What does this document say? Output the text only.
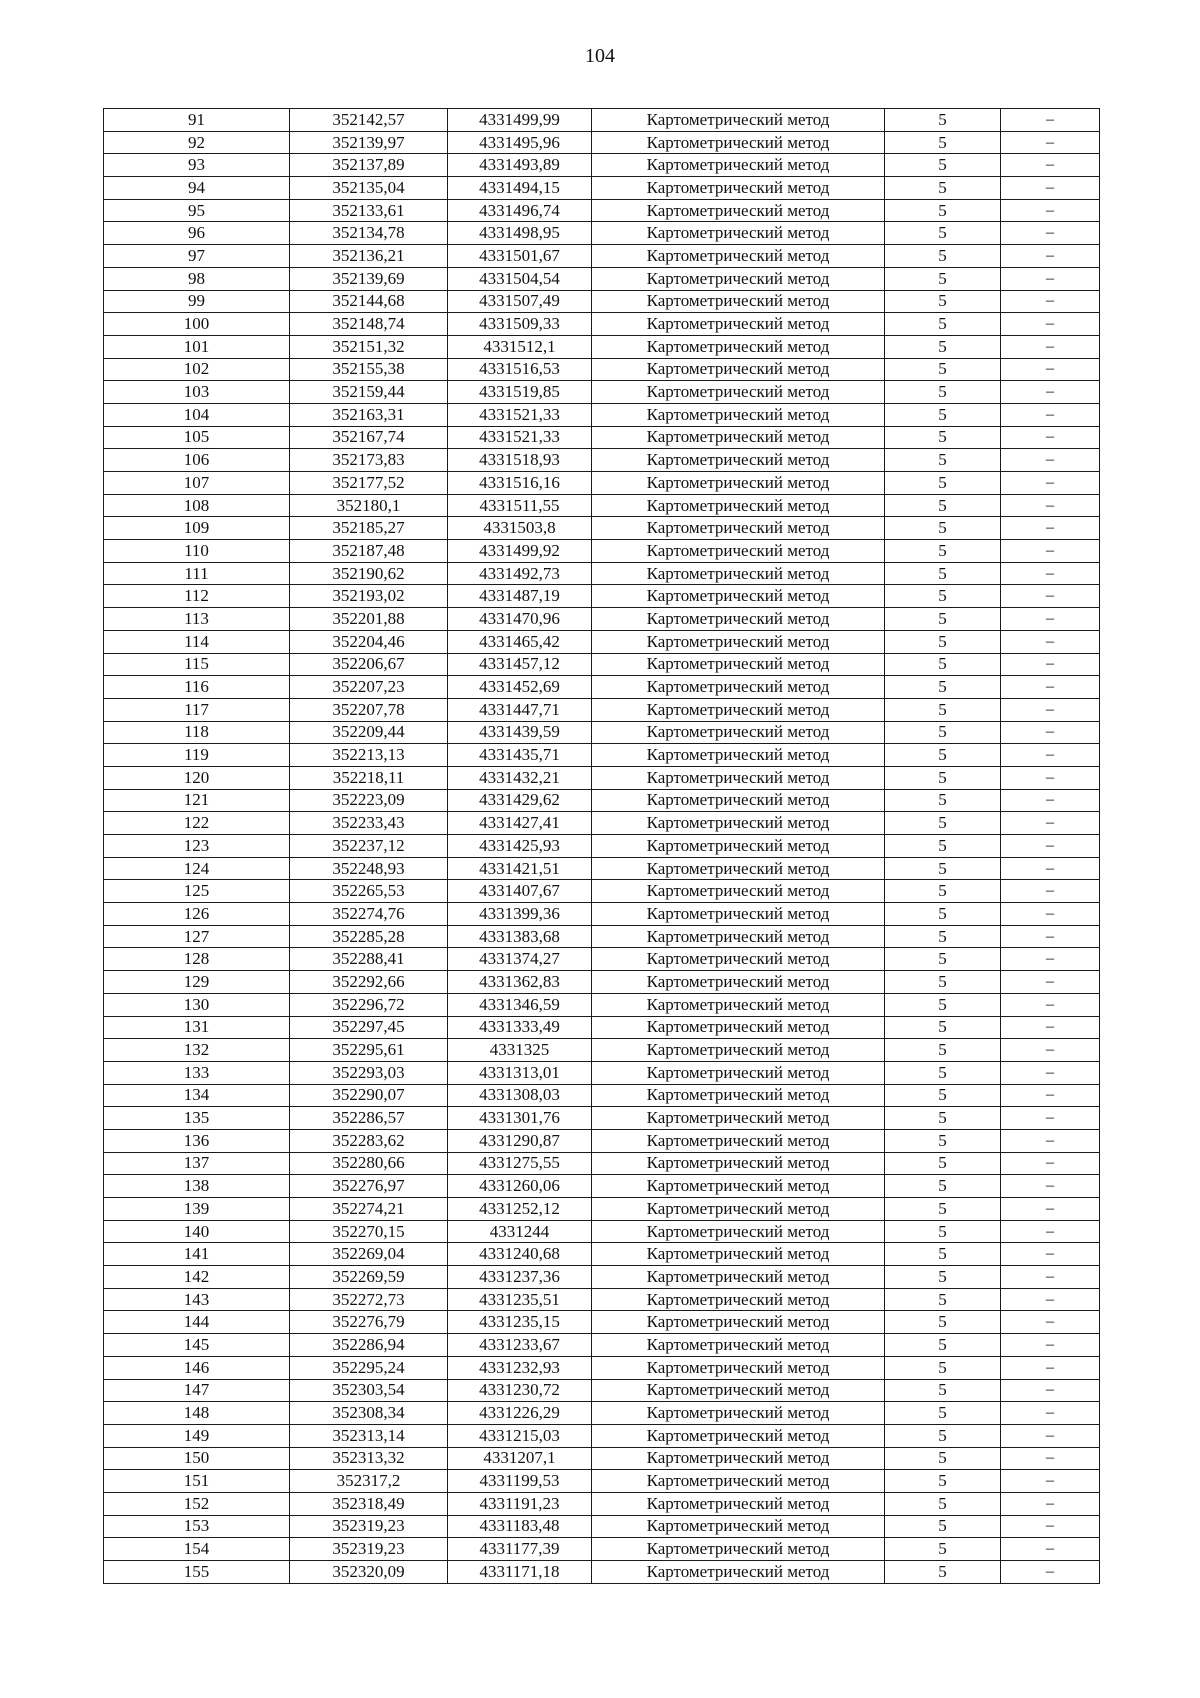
104
91	352142,57	4331499,99	Картометрический метод	5	–
92	352139,97	4331495,96	Картометрический метод	5	–
93	352137,89	4331493,89	Картометрический метод	5	–
94	352135,04	4331494,15	Картометрический метод	5	–
95	352133,61	4331496,74	Картометрический метод	5	–
96	352134,78	4331498,95	Картометрический метод	5	–
97	352136,21	4331501,67	Картометрический метод	5	–
98	352139,69	4331504,54	Картометрический метод	5	–
99	352144,68	4331507,49	Картометрический метод	5	–
100	352148,74	4331509,33	Картометрический метод	5	–
101	352151,32	4331512,1	Картометрический метод	5	–
102	352155,38	4331516,53	Картометрический метод	5	–
103	352159,44	4331519,85	Картометрический метод	5	–
104	352163,31	4331521,33	Картометрический метод	5	–
105	352167,74	4331521,33	Картометрический метод	5	–
106	352173,83	4331518,93	Картометрический метод	5	–
107	352177,52	4331516,16	Картометрический метод	5	–
108	352180,1	4331511,55	Картометрический метод	5	–
109	352185,27	4331503,8	Картометрический метод	5	–
110	352187,48	4331499,92	Картометрический метод	5	–
111	352190,62	4331492,73	Картометрический метод	5	–
112	352193,02	4331487,19	Картометрический метод	5	–
113	352201,88	4331470,96	Картометрический метод	5	–
114	352204,46	4331465,42	Картометрический метод	5	–
115	352206,67	4331457,12	Картометрический метод	5	–
116	352207,23	4331452,69	Картометрический метод	5	–
117	352207,78	4331447,71	Картометрический метод	5	–
118	352209,44	4331439,59	Картометрический метод	5	–
119	352213,13	4331435,71	Картометрический метод	5	–
120	352218,11	4331432,21	Картометрический метод	5	–
121	352223,09	4331429,62	Картометрический метод	5	–
122	352233,43	4331427,41	Картометрический метод	5	–
123	352237,12	4331425,93	Картометрический метод	5	–
124	352248,93	4331421,51	Картометрический метод	5	–
125	352265,53	4331407,67	Картометрический метод	5	–
126	352274,76	4331399,36	Картометрический метод	5	–
127	352285,28	4331383,68	Картометрический метод	5	–
128	352288,41	4331374,27	Картометрический метод	5	–
129	352292,66	4331362,83	Картометрический метод	5	–
130	352296,72	4331346,59	Картометрический метод	5	–
131	352297,45	4331333,49	Картометрический метод	5	–
132	352295,61	4331325	Картометрический метод	5	–
133	352293,03	4331313,01	Картометрический метод	5	–
134	352290,07	4331308,03	Картометрический метод	5	–
135	352286,57	4331301,76	Картометрический метод	5	–
136	352283,62	4331290,87	Картометрический метод	5	–
137	352280,66	4331275,55	Картометрический метод	5	–
138	352276,97	4331260,06	Картометрический метод	5	–
139	352274,21	4331252,12	Картометрический метод	5	–
140	352270,15	4331244	Картометрический метод	5	–
141	352269,04	4331240,68	Картометрический метод	5	–
142	352269,59	4331237,36	Картометрический метод	5	–
143	352272,73	4331235,51	Картометрический метод	5	–
144	352276,79	4331235,15	Картометрический метод	5	–
145	352286,94	4331233,67	Картометрический метод	5	–
146	352295,24	4331232,93	Картометрический метод	5	–
147	352303,54	4331230,72	Картометрический метод	5	–
148	352308,34	4331226,29	Картометрический метод	5	–
149	352313,14	4331215,03	Картометрический метод	5	–
150	352313,32	4331207,1	Картометрический метод	5	–
151	352317,2	4331199,53	Картометрический метод	5	–
152	352318,49	4331191,23	Картометрический метод	5	–
153	352319,23	4331183,48	Картометрический метод	5	–
154	352319,23	4331177,39	Картометрический метод	5	–
155	352320,09	4331171,18	Картометрический метод	5	–
